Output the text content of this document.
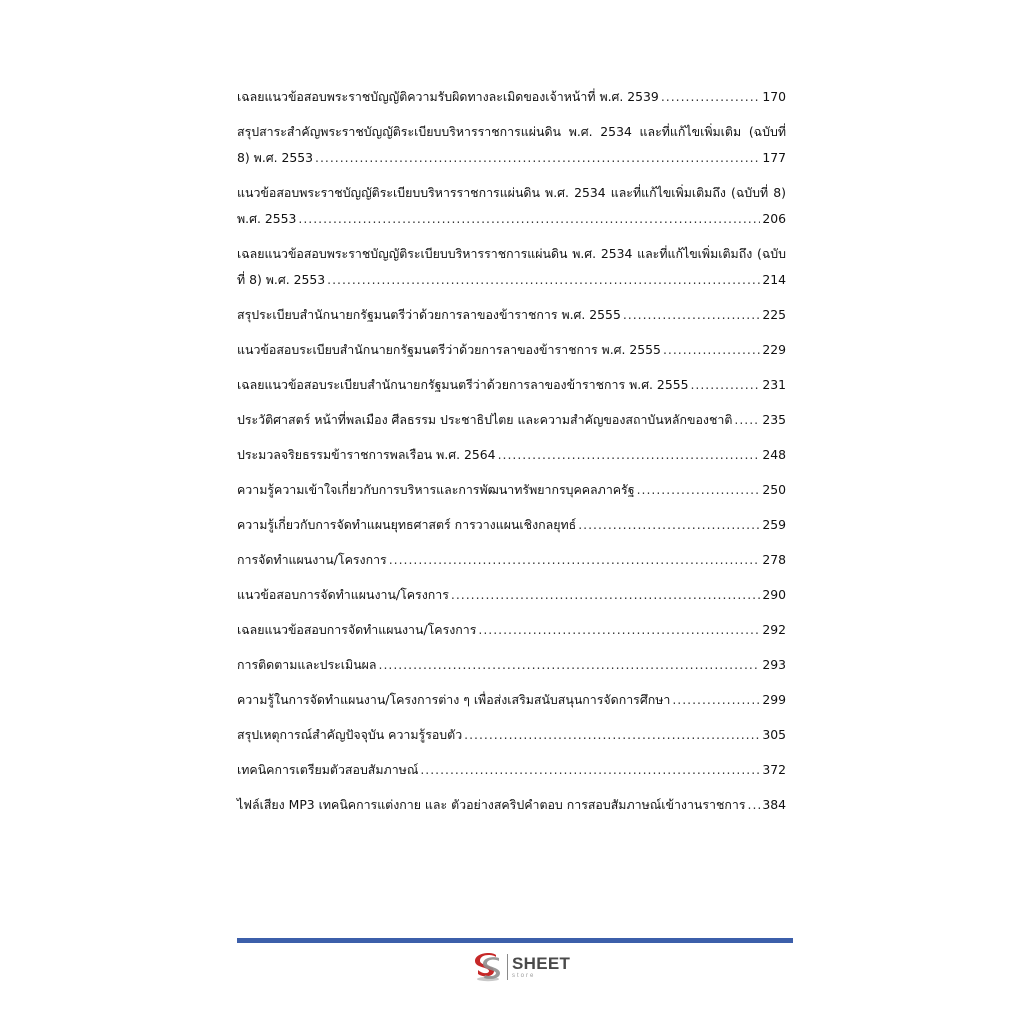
เฉลยแนวข้อสอบพระราชบัญญัติความรับผิดทางละเมิดของเจ้าหน้าที่ พ.ศ. 2539 .....	170
สรุปสาระสำคัญพระราชบัญญัติระเบียบบริหารราชการแผ่นดิน พ.ศ. 2534 และที่แก้ไขเพิ่มเติม (ฉบับที่
8) พ.ศ. 2553 .....	177
แนวข้อสอบพระราชบัญญัติระเบียบบริหารราชการแผ่นดิน พ.ศ. 2534 และที่แก้ไขเพิ่มเติมถึง (ฉบับที่ 8)
พ.ศ. 2553 .....	206
เฉลยแนวข้อสอบพระราชบัญญัติระเบียบบริหารราชการแผ่นดิน พ.ศ. 2534 และที่แก้ไขเพิ่มเติมถึง (ฉบับ
ที่ 8) พ.ศ. 2553 .....	214
สรุประเบียบสำนักนายกรัฐมนตรีว่าด้วยการลาของข้าราชการ พ.ศ. 2555 .....	225
แนวข้อสอบระเบียบสำนักนายกรัฐมนตรีว่าด้วยการลาของข้าราชการ พ.ศ. 2555 .....	229
เฉลยแนวข้อสอบระเบียบสำนักนายกรัฐมนตรีว่าด้วยการลาของข้าราชการ พ.ศ. 2555 .....	231
ประวัติศาสตร์ หน้าที่พลเมือง ศีลธรรม ประชาธิปไตย และความสำคัญของสถาบันหลักของชาติ ..... 235
ประมวลจริยธรรมข้าราชการพลเรือน พ.ศ. 2564 .....	248
ความรู้ความเข้าใจเกี่ยวกับการบริหารและการพัฒนาทรัพยากรบุคคลภาครัฐ .....	250
ความรู้เกี่ยวกับการจัดทำแผนยุทธศาสตร์ การวางแผนเชิงกลยุทธ์ .....	259
การจัดทำแผนงาน/โครงการ .....	278
แนวข้อสอบการจัดทำแผนงาน/โครงการ .....	290
เฉลยแนวข้อสอบการจัดทำแผนงาน/โครงการ .....	292
การติดตามและประเมินผล .....	293
ความรู้ในการจัดทำแผนงาน/โครงการต่าง ๆ เพื่อส่งเสริมสนับสนุนการจัดการศึกษา .....	299
สรุปเหตุการณ์สำคัญปัจจุบัน ความรู้รอบตัว .....	305
เทคนิคการเตรียมตัวสอบสัมภาษณ์ .....	372
ไฟล์เสียง MP3 เทคนิคการแต่งกาย และ ตัวอย่างสคริปคำตอบ การสอบสัมภาษณ์เข้างานราชการ ..... 384
SHEET
store
